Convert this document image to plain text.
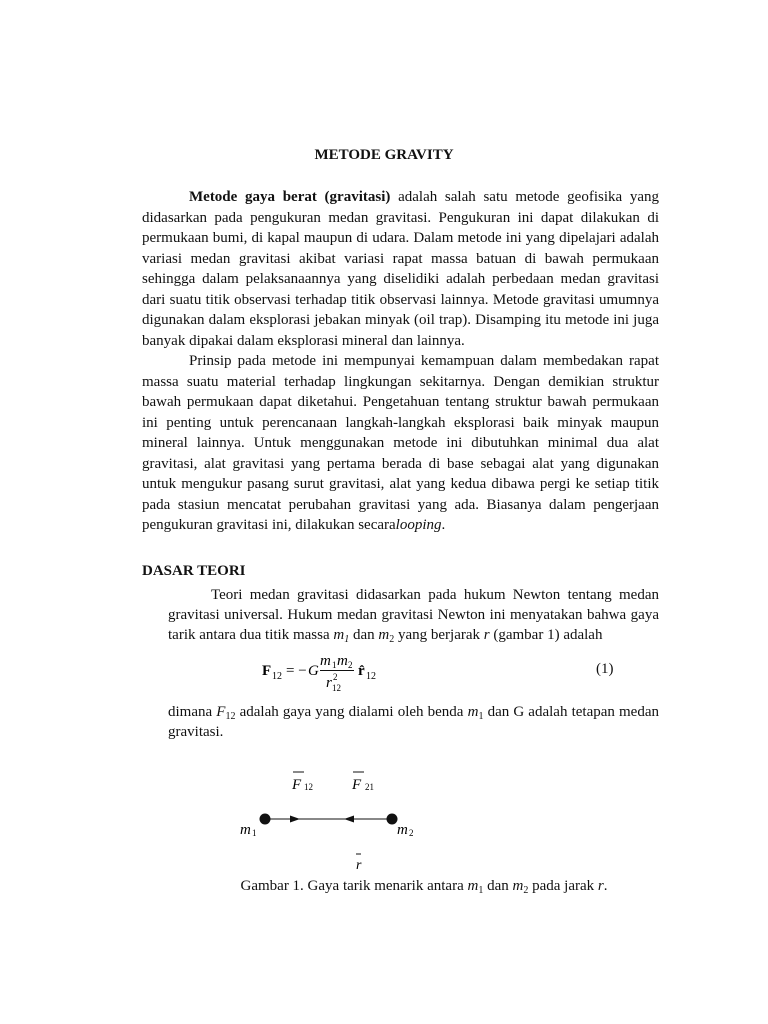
METODE GRAVITY
Metode gaya berat (gravitasi) adalah salah satu metode geofisika yang
didasarkan pada pengukuran medan gravitasi. Pengukuran ini dapat dilakukan di
permukaan bumi, di kapal maupun di udara. Dalam metode ini yang dipelajari adalah
variasi medan gravitasi akibat variasi rapat massa batuan di bawah permukaan
sehingga dalam pelaksanaannya yang diselidiki adalah perbedaan medan gravitasi
dari suatu titik observasi terhadap titik observasi lainnya. Metode gravitasi umumnya
digunakan dalam eksplorasi jebakan minyak (oil trap). Disamping itu metode ini juga
banyak dipakai dalam eksplorasi mineral dan lainnya.
Prinsip pada metode ini mempunyai kemampuan dalam membedakan rapat
massa suatu material terhadap lingkungan sekitarnya. Dengan demikian struktur
bawah permukaan dapat diketahui. Pengetahuan tentang struktur bawah permukaan
ini penting untuk perencanaan langkah-langkah eksplorasi baik minyak maupun
mineral lainnya. Untuk menggunakan metode ini dibutuhkan minimal dua alat
gravitasi, alat gravitasi yang pertama berada di base sebagai alat yang digunakan
untuk mengukur pasang surut gravitasi, alat yang kedua dibawa pergi ke setiap titik
pada stasiun mencatat perubahan gravitasi yang ada. Biasanya dalam pengerjaan
pengukuran gravitasi ini, dilakukan secaralooping.
DASAR TEORI
Teori medan gravitasi didasarkan pada hukum Newton tentang medan
gravitasi universal. Hukum medan gravitasi Newton ini menyatakan bahwa gaya
tarik antara dua titik massa $m_1$ dan $m_2$ yang berjarak r (gambar 1) adalah
F 12 = − G
m 1 m 2
r 2
12
r̂ 12	(1)
dimana $F_{12}$ adalah gaya yang dialami oleh benda $m_1$ dan G adalah tetapan medan
gravitasi.
F 12	F 21
m 1	m 2
r
Gambar 1. Gaya tarik menarik antara $m_1$ dan $m_2$ pada jarak r.
